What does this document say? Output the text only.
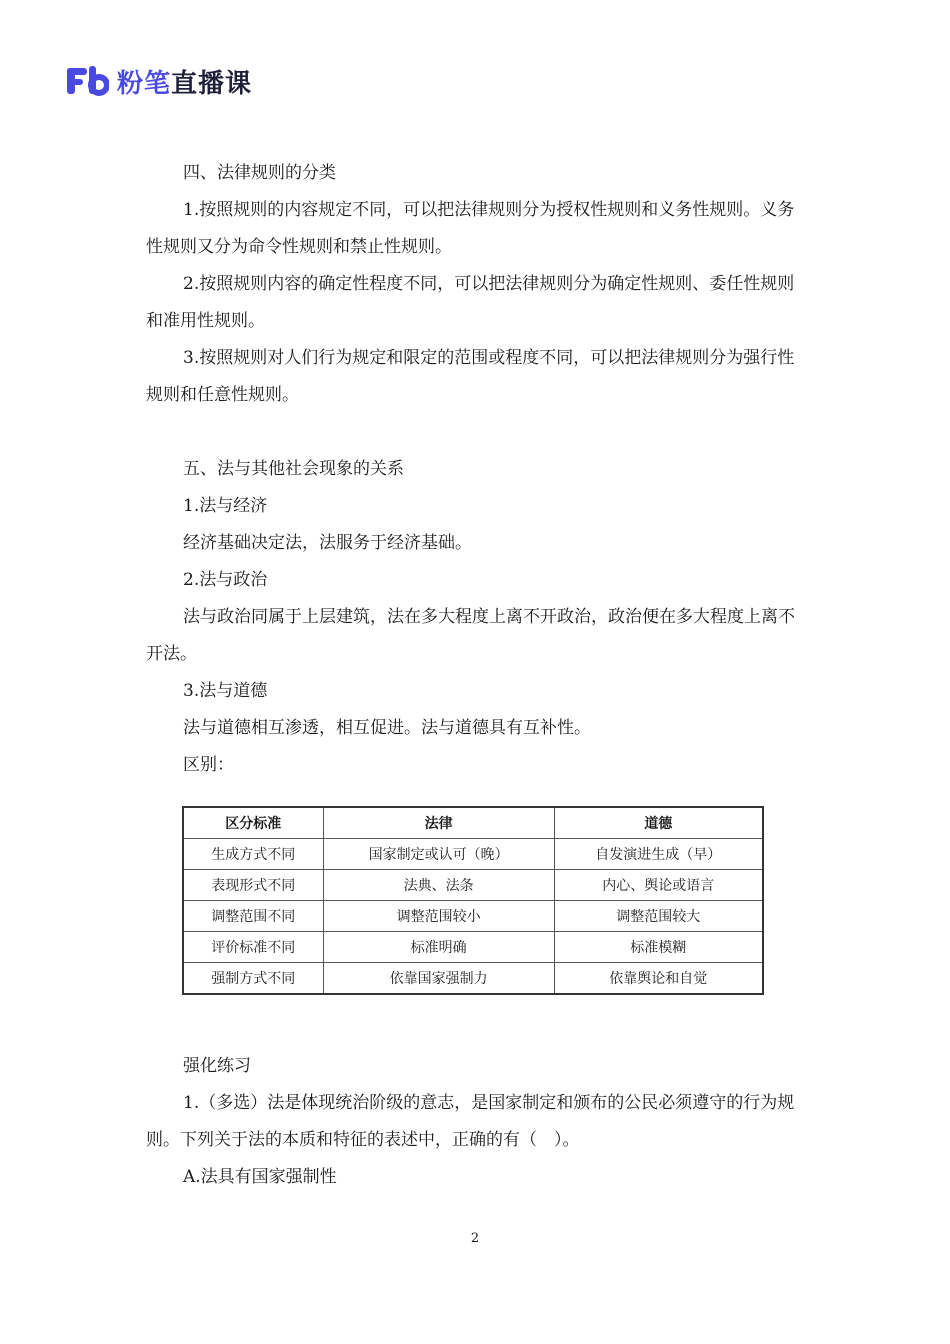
粉笔直播课

四、法律规则的分类

1.按照规则的内容规定不同，可以把法律规则分为授权性规则和义务性规则。义务性规则又分为命令性规则和禁止性规则。

2.按照规则内容的确定性程度不同，可以把法律规则分为确定性规则、委任性规则和准用性规则。

3.按照规则对人们行为规定和限定的范围或程度不同，可以把法律规则分为强行性规则和任意性规则。

五、法与其他社会现象的关系

1.法与经济

经济基础决定法，法服务于经济基础。

2.法与政治

法与政治同属于上层建筑，法在多大程度上离不开政治，政治便在多大程度上离不开法。

3.法与道德

法与道德相互渗透，相互促进。法与道德具有互补性。

区别：

区分标准	法律	道德
生成方式不同	国家制定或认可（晚）	自发演进生成（早）
表现形式不同	法典、法条	内心、舆论或语言
调整范围不同	调整范围较小	调整范围较大
评价标准不同	标准明确	标准模糊
强制方式不同	依靠国家强制力	依靠舆论和自觉

强化练习

1.（多选）法是体现统治阶级的意志，是国家制定和颁布的公民必须遵守的行为规则。下列关于法的本质和特征的表述中，正确的有（　）。

A.法具有国家强制性

2
